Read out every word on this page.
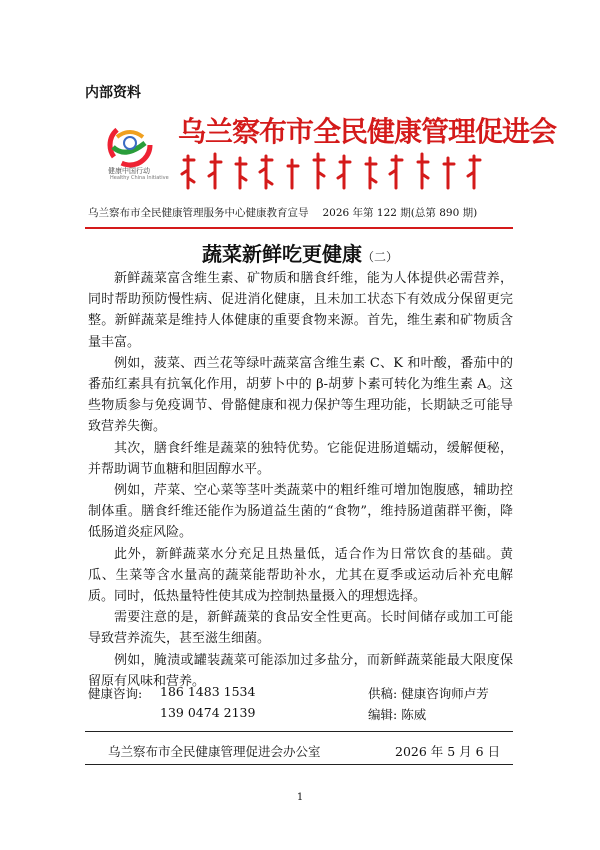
内部资料
健康中国行动
Healthy China Initiative
乌兰察布市全民健康管理促进会
乌兰察布市全民健康管理服务中心健康教育宣导 2026 年第 122 期(总第 890 期)
蔬菜新鲜吃更健康（二）

新鲜蔬菜富含维生素、矿物质和膳食纤维，能为人体提供必需营养，同时帮助预防慢性病、促进消化健康，且未加工状态下有效成分保留更完整。新鲜蔬菜是维持人体健康的重要食物来源。首先，维生素和矿物质含量丰富。

例如，菠菜、西兰花等绿叶蔬菜富含维生素 C、K 和叶酸，番茄中的番茄红素具有抗氧化作用，胡萝卜中的 β-胡萝卜素可转化为维生素 A。这些物质参与免疫调节、骨骼健康和视力保护等生理功能，长期缺乏可能导致营养失衡。

其次，膳食纤维是蔬菜的独特优势。它能促进肠道蠕动，缓解便秘，并帮助调节血糖和胆固醇水平。

例如，芹菜、空心菜等茎叶类蔬菜中的粗纤维可增加饱腹感，辅助控制体重。膳食纤维还能作为肠道益生菌的“食物”，维持肠道菌群平衡，降低肠道炎症风险。

此外，新鲜蔬菜水分充足且热量低，适合作为日常饮食的基础。黄瓜、生菜等含水量高的蔬菜能帮助补水，尤其在夏季或运动后补充电解质。同时，低热量特性使其成为控制热量摄入的理想选择。

需要注意的是，新鲜蔬菜的食品安全性更高。长时间储存或加工可能导致营养流失，甚至滋生细菌。

例如，腌渍或罐装蔬菜可能添加过多盐分，而新鲜蔬菜能最大限度保留原有风味和营养。

健康咨询: 186 1483 1534
139 0474 2139
供稿: 健康咨询师卢芳
编辑: 陈威
乌兰察布市全民健康管理促进会办公室	2026 年 5 月 6 日
1
